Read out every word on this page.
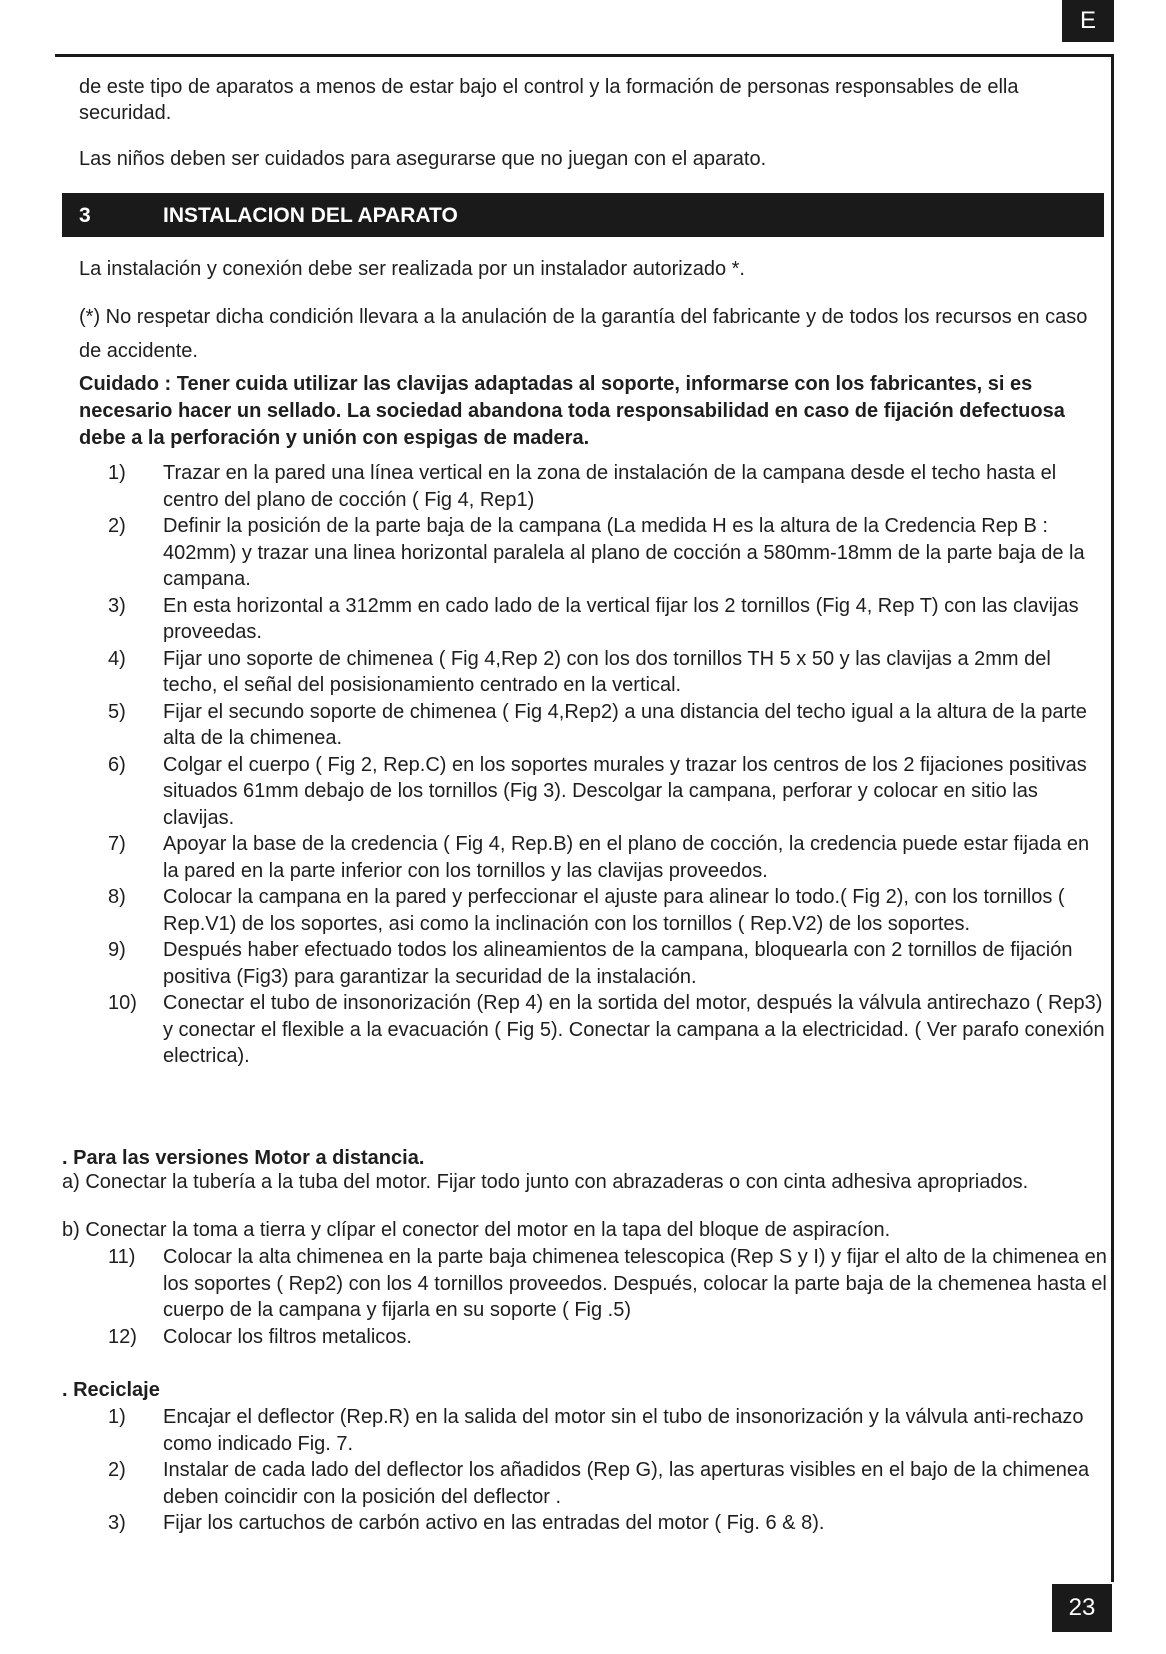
E

de este tipo de aparatos a menos de estar bajo el control y la formación de personas responsables de ella securidad.

Las niños deben ser cuidados para asegurarse que no juegan con el aparato.

3	INSTALACION DEL APARATO

La instalación y conexión debe ser realizada por un instalador autorizado *.

(*) No respetar dicha condición llevara a la anulación de la garantía del fabricante y de todos los recursos en caso de accidente.

Cuidado : Tener cuida utilizar las clavijas adaptadas al soporte, informarse con los fabricantes, si es necesario hacer un sellado. La sociedad abandona toda responsabilidad en caso de fijación defectuosa debe a la perforación y unión con espigas de madera.

1) Trazar en la pared una línea vertical en la zona de instalación de la campana desde el techo hasta el centro del plano de cocción ( Fig 4, Rep1)
2) Definir la posición de la parte baja de la campana (La medida H es la altura de la Credencia Rep B : 402mm) y trazar una linea horizontal paralela al plano de cocción a 580mm-18mm de la parte baja de la campana.
3) En esta horizontal a 312mm en cado lado de la vertical fijar los 2 tornillos (Fig 4, Rep T) con las clavijas proveedas.
4) Fijar uno soporte de chimenea ( Fig 4,Rep 2) con los dos tornillos TH 5 x 50 y las clavijas a 2mm del techo, el señal del posisionamiento centrado en la vertical.
5) Fijar el secundo soporte de chimenea ( Fig 4,Rep2) a una distancia del techo igual a la altura de la parte alta de la chimenea.
6) Colgar el cuerpo ( Fig 2, Rep.C) en los soportes murales y trazar los centros de los 2 fijaciones positivas situados 61mm debajo de los tornillos (Fig 3). Descolgar la campana, perforar y colocar en sitio las clavijas.
7) Apoyar la base de la credencia ( Fig 4, Rep.B) en el plano de cocción, la credencia puede estar fijada en la pared en la parte inferior con los tornillos y las clavijas proveedos.
8) Colocar la campana en la pared y perfeccionar el ajuste para alinear lo todo.( Fig 2), con los tornillos ( Rep.V1) de los soportes, asi como la inclinación con los tornillos ( Rep.V2) de los soportes.
9) Después haber efectuado todos los alineamientos de la campana, bloquearla con 2 tornillos de fijación positiva (Fig3) para garantizar la securidad de la instalación.
10) Conectar el tubo de insonorización (Rep 4) en la sortida del motor, después la válvula antirechazo ( Rep3) y conectar el flexible a la evacuación ( Fig 5). Conectar la campana a la electricidad. ( Ver parafo conexión electrica).

. Para las versiones Motor a distancia.

a) Conectar la tubería a la tuba del motor. Fijar todo junto con abrazaderas o con cinta adhesiva apropriados.

b) Conectar la toma a tierra y clípar el conector del motor en la tapa del bloque de aspiracíon.

11) Colocar la alta chimenea en la parte baja chimenea telescopica (Rep S y I) y fijar el alto de la chimenea en los soportes ( Rep2) con los 4 tornillos proveedos. Después, colocar la parte baja de la chemenea hasta el cuerpo de la campana y fijarla en su soporte ( Fig .5)
12) Colocar los filtros metalicos.

. Reciclaje

1) Encajar el deflector (Rep.R) en la salida del motor sin el tubo de insonorización y la válvula anti-rechazo como indicado Fig. 7.
2) Instalar de cada lado del deflector los añadidos (Rep G), las aperturas visibles en el bajo de la chimenea deben coincidir con la posición del deflector .
3) Fijar los cartuchos de carbón activo en las entradas del motor ( Fig. 6 & 8).
23
